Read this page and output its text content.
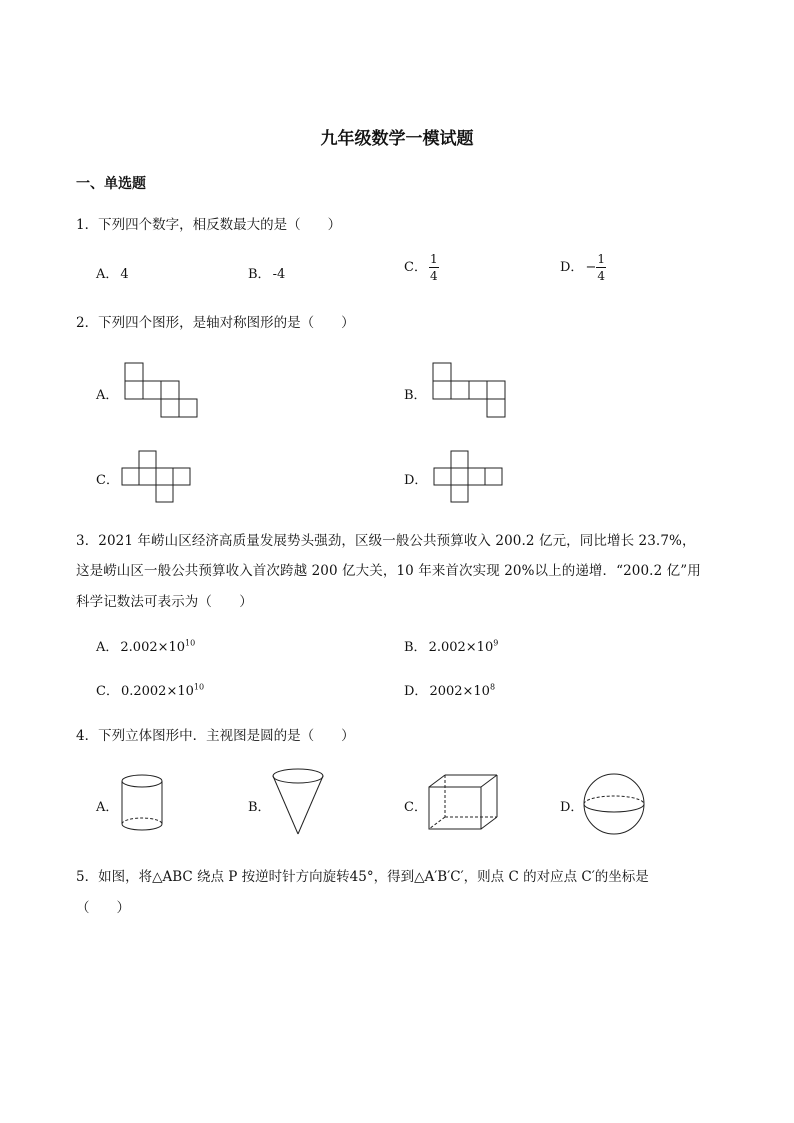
九年级数学一模试题
一、单选题
1．下列四个数字，相反数最大的是（　　）
A． 4	B． -4	C． $\frac{1}{4}$	D． − $\frac{1}{4}$
2．下列四个图形，是轴对称图形的是（　　）
A．	B．
C．	D．
3．2021 年崂山区经济高质量发展势头强劲，区级一般公共预算收入 200.2 亿元，同比增长 23.7%，
这是崂山区一般公共预算收入首次跨越 200 亿大关，10 年来首次实现 20%以上的递增．“200.2 亿”用
科学记数法可表示为（　　）
A． $2.002\times 10^{10}$	B． $2.002\times 10^9$
C． $0.2002\times 10^{10}$	D． $2002\times 10^8$
4．下列立体图形中．主视图是圆的是（　　）
A．	B．	C．	D．
5．如图，将△ABC 绕点 P 按逆时针方向旋转45°，得到△A′B′C′，则点 C 的对应点 C′的坐标是
（　　）
